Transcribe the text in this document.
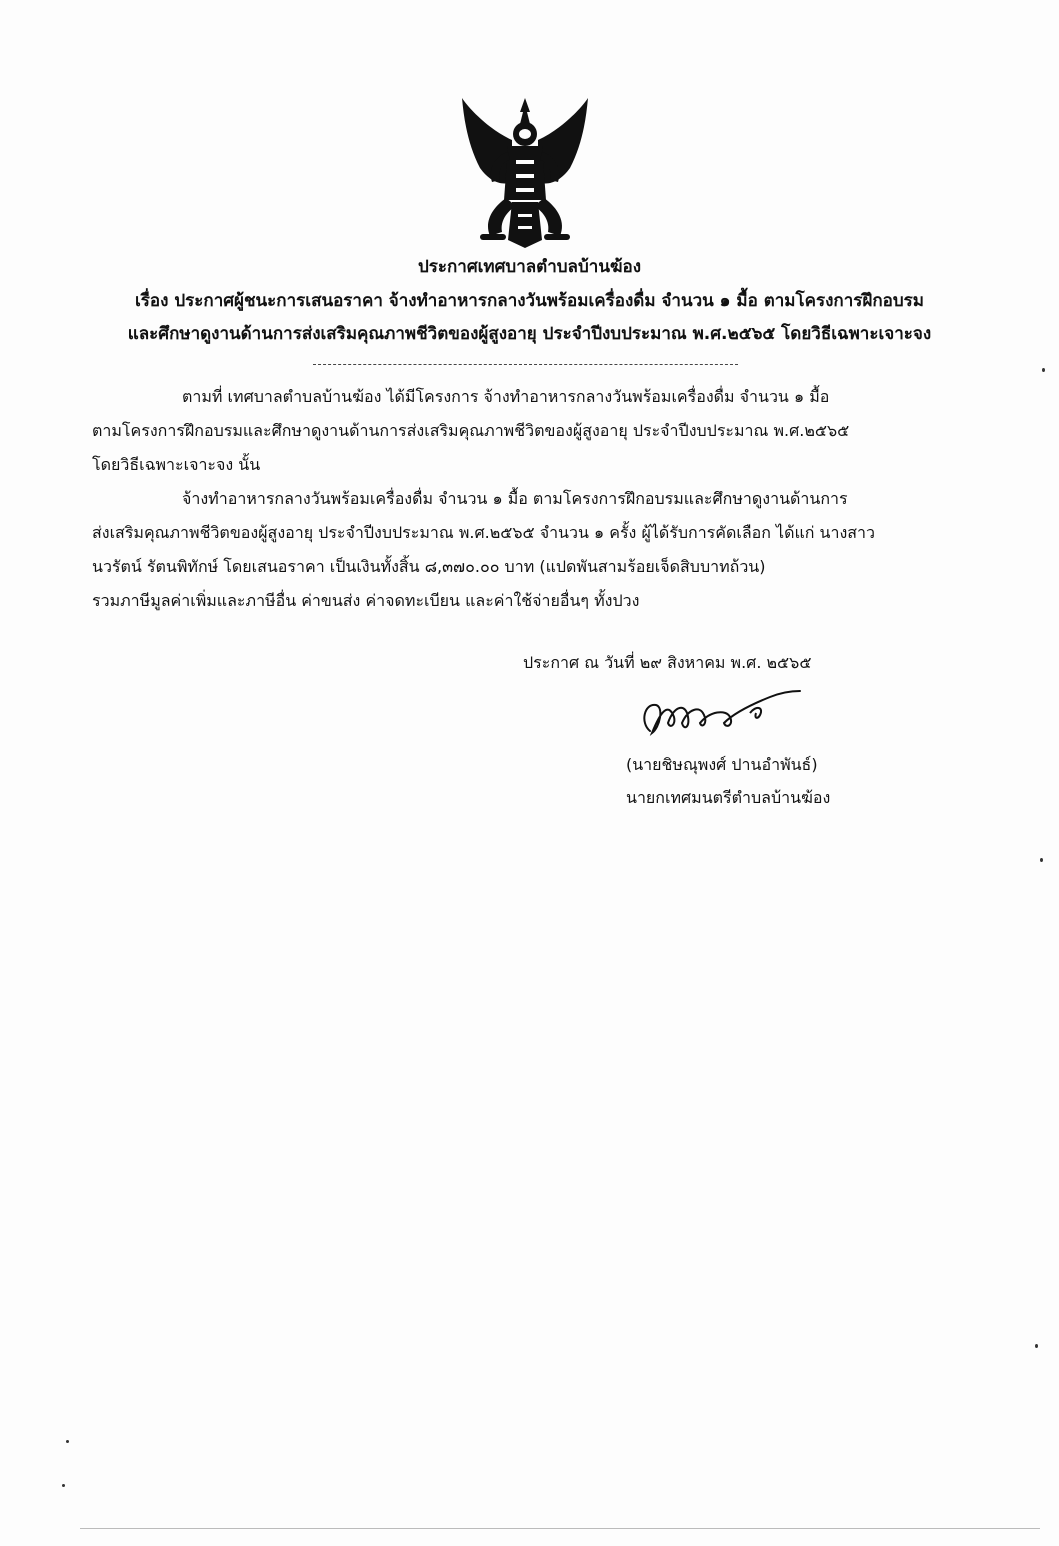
ประกาศเทศบาลตำบลบ้านฆ้อง
เรื่อง ประกาศผู้ชนะการเสนอราคา จ้างทำอาหารกลางวันพร้อมเครื่องดื่ม จำนวน ๑ มื้อ ตามโครงการฝึกอบรม
และศึกษาดูงานด้านการส่งเสริมคุณภาพชีวิตของผู้สูงอายุ ประจำปีงบประมาณ พ.ศ.๒๕๖๕ โดยวิธีเฉพาะเจาะจง
ตามที่ เทศบาลตำบลบ้านฆ้อง ได้มีโครงการ จ้างทำอาหารกลางวันพร้อมเครื่องดื่ม จำนวน ๑ มื้อ
ตามโครงการฝึกอบรมและศึกษาดูงานด้านการส่งเสริมคุณภาพชีวิตของผู้สูงอายุ ประจำปีงบประมาณ พ.ศ.๒๕๖๕
โดยวิธีเฉพาะเจาะจง นั้น
จ้างทำอาหารกลางวันพร้อมเครื่องดื่ม จำนวน ๑ มื้อ ตามโครงการฝึกอบรมและศึกษาดูงานด้านการ
ส่งเสริมคุณภาพชีวิตของผู้สูงอายุ ประจำปีงบประมาณ พ.ศ.๒๕๖๕ จำนวน ๑ ครั้ง ผู้ได้รับการคัดเลือก ได้แก่ นางสาว
นวรัตน์ รัตนพิทักษ์ โดยเสนอราคา เป็นเงินทั้งสิ้น ๘,๓๗๐.๐๐ บาท (แปดพันสามร้อยเจ็ดสิบบาทถ้วน)
รวมภาษีมูลค่าเพิ่มและภาษีอื่น ค่าขนส่ง ค่าจดทะเบียน และค่าใช้จ่ายอื่นๆ ทั้งปวง
ประกาศ ณ วันที่ ๒๙ สิงหาคม พ.ศ. ๒๕๖๕
(นายชิษณุพงศ์ ปานอำพันธ์)
นายกเทศมนตรีตำบลบ้านฆ้อง
